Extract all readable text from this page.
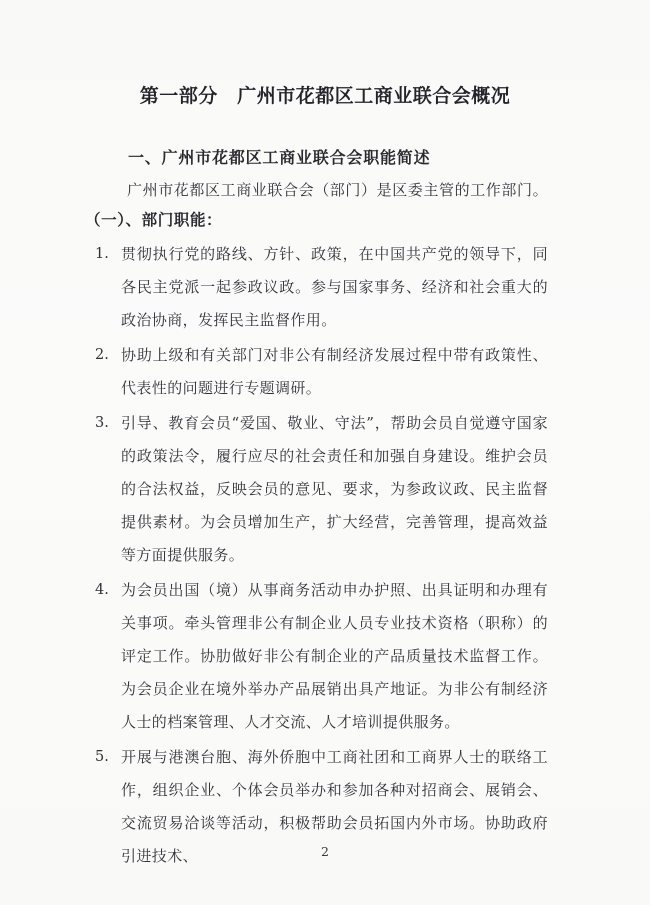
第一部分　广州市花都区工商业联合会概况
一、广州市花都区工商业联合会职能简述

广州市花都区工商业联合会（部门）是区委主管的工作部门。

（一）、部门职能：
1. 贯彻执行党的路线、方针、政策，在中国共产党的领导下，同各民主党派一起参政议政。参与国家事务、经济和社会重大的政治协商，发挥民主监督作用。
2. 协助上级和有关部门对非公有制经济发展过程中带有政策性、代表性的问题进行专题调研。
3. 引导、教育会员“爱国、敬业、守法”，帮助会员自觉遵守国家的政策法令，履行应尽的社会责任和加强自身建设。维护会员的合法权益，反映会员的意见、要求，为参政议政、民主监督提供素材。为会员增加生产，扩大经营，完善管理，提高效益等方面提供服务。
4. 为会员出国（境）从事商务活动申办护照、出具证明和办理有关事项。牵头管理非公有制企业人员专业技术资格（职称）的评定工作。协肋做好非公有制企业的产品质量技术监督工作。为会员企业在境外举办产品展销出具产地证。为非公有制经济人士的档案管理、人才交流、人才培训提供服务。
5. 开展与港澳台胞、海外侨胞中工商社团和工商界人士的联络工作，组织企业、个体会员举办和参加各种对招商会、展销会、交流贸易洽谈等活动，积极帮助会员拓国内外市场。协助政府引进技术、	2
